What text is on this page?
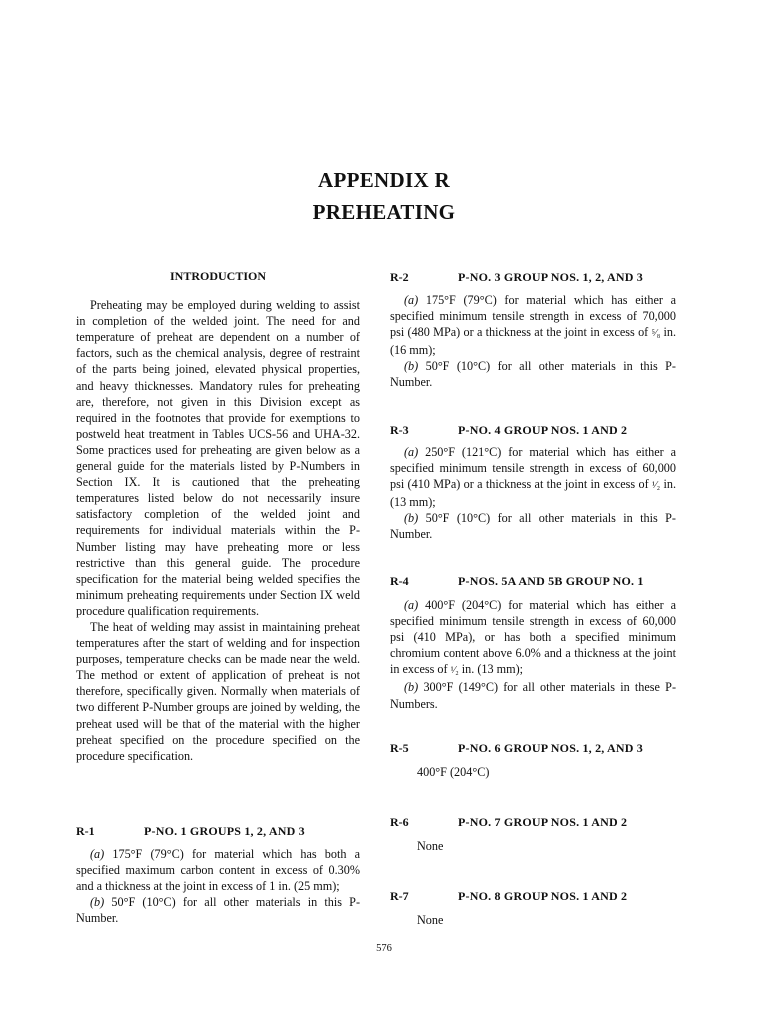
APPENDIX R
PREHEATING
INTRODUCTION

Preheating may be employed during welding to assist in completion of the welded joint. The need for and temperature of preheat are dependent on a number of factors, such as the chemical analysis, degree of restraint of the parts being joined, elevated physical properties, and heavy thicknesses. Mandatory rules for preheating are, therefore, not given in this Division except as required in the footnotes that provide for exemptions to postweld heat treatment in Tables UCS-56 and UHA-32. Some practices used for preheating are given below as a general guide for the materials listed by P-Numbers in Section IX. It is cautioned that the preheating temperatures listed below do not necessarily insure satisfactory completion of the welded joint and requirements for individual materials within the P-Number listing may have preheating more or less restrictive than this general guide. The procedure specification for the material being welded specifies the minimum preheating requirements under Section IX weld procedure qualification requirements.

The heat of welding may assist in maintaining preheat temperatures after the start of welding and for inspection purposes, temperature checks can be made near the weld. The method or extent of application of preheat is not therefore, specifically given. Normally when materials of two different P-Number groups are joined by welding, the preheat used will be that of the material with the higher preheat specified on the procedure specified on the procedure specification.

R-1	P-NO. 1 GROUPS 1, 2, AND 3

(a) 175°F (79°C) for material which has both a specified maximum carbon content in excess of 0.30% and a thickness at the joint in excess of 1 in. (25 mm);

(b) 50°F (10°C) for all other materials in this P-Number.

R-2	P-NO. 3 GROUP NOS. 1, 2, AND 3

(a) 175°F (79°C) for material which has either a specified minimum tensile strength in excess of 70,000 psi (480 MPa) or a thickness at the joint in excess of ⁵⁄₈ in. (16 mm);

(b) 50°F (10°C) for all other materials in this P-Number.

R-3	P-NO. 4 GROUP NOS. 1 AND 2

(a) 250°F (121°C) for material which has either a specified minimum tensile strength in excess of 60,000 psi (410 MPa) or a thickness at the joint in excess of ¹⁄₂ in. (13 mm);

(b) 50°F (10°C) for all other materials in this P-Number.

R-4	P-NOS. 5A AND 5B GROUP NO. 1

(a) 400°F (204°C) for material which has either a specified minimum tensile strength in excess of 60,000 psi (410 MPa), or has both a specified minimum chromium content above 6.0% and a thickness at the joint in excess of ¹⁄₂ in. (13 mm);

(b) 300°F (149°C) for all other materials in these P-Numbers.

R-5	P-NO. 6 GROUP NOS. 1, 2, AND 3

400°F (204°C)

R-6	P-NO. 7 GROUP NOS. 1 AND 2

None

R-7	P-NO. 8 GROUP NOS. 1 AND 2

None

576
